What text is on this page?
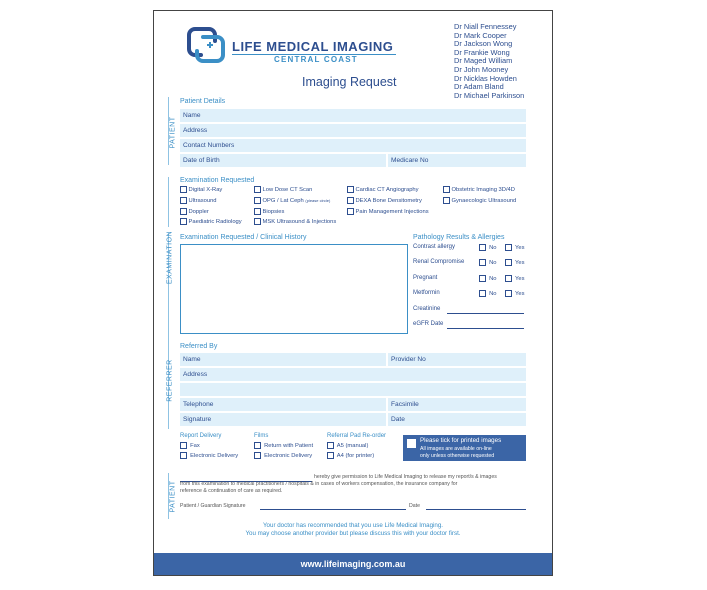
LIFE MEDICAL IMAGING
CENTRAL COAST
Dr Niall Fennessey
Dr Mark Cooper
Dr Jackson Wong
Dr Frankie Wong
Dr Maged William
Dr John Mooney
Dr Nicklas Howden
Dr Adam Bland
Dr Michael Parkinson
Imaging Request
PATIENT
Patient Details
Name
Address
Contact Numbers
Date of Birth	Medicare No
Examination Requested
Digital X-Ray
Ultrasound
Doppler
Paediatric Radiology
Low Dose CT Scan
OPG / Lat Ceph (please circle)
Biopsies
MSK Ultrasound & Injections
Cardiac CT Angiography
DEXA Bone Densitometry
Pain Management Injections
Obstetric Imaging 3D/4D
Gynaecologic Ultrasound
EXAMINATION Examination Requested / Clinical History	Pathology Results & Allergies
Contrast allergy	No	Yes
Renal Compromise	No	Yes
Pregnant	No	Yes
Metformin	No	Yes
Creatinine
eGFR Date
REFERRER
Referred By
Name	Provider No
Address
Telephone	Facsimile
Signature	Date
Report Delivery
Fax
Electronic Delivery
Films
Return with Patient
Electronic Delivery
Referral Pad Re-order
A5 (manual)
A4 (for printer)
Please tick for printed images
All images are available on-line
only unless otherwise requested
PATIENT
hereby give permission to Life Medical Imaging to release my report/s & images
from this examination to medical practitioners / hospitals & in cases of workers compensation, the insurance company for
reference & continuation of care as required.
Patient / Guardian Signature	Date
Your doctor has recommended that you use Life Medical Imaging.
You may choose another provider but please discuss this with your doctor first.
www.lifeimaging.com.au
